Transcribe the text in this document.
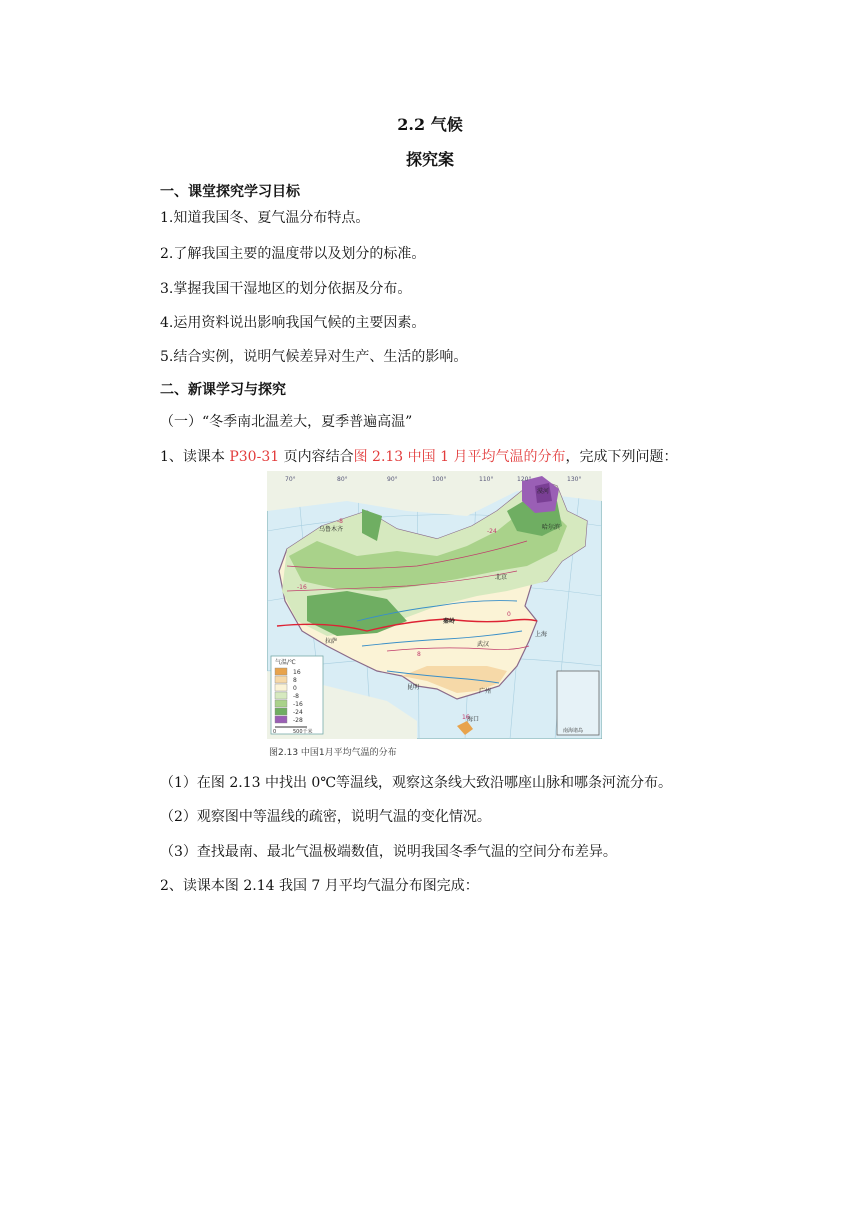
2.2 气候
探究案
一、课堂探究学习目标
1.知道我国冬、夏气温分布特点。
2.了解我国主要的温度带以及划分的标准。
3.掌握我国干湿地区的划分依据及分布。
4.运用资料说出影响我国气候的主要因素。
5.结合实例，说明气候差异对生产、生活的影响。
二、新课学习与探究
（一）“冬季南北温差大，夏季普遍高温”
1、读课本 P30-31 页内容结合图 2.13 中国 1 月平均气温的分布，完成下列问题：
南海诸岛
70°	80°	90°	100°	110°	120°	130°
-8
-16
-24
0
8
16
乌鲁木齐	哈尔滨
漠河
北京
拉萨
上海
武汉
昆明
广州
海口
秦岭
气温/℃
16
8
0
-8
-16
-24
-28
0	500千米
图2.13 中国1月平均气温的分布
（1）在图 2.13 中找出 0℃等温线，观察这条线大致沿哪座山脉和哪条河流分布。
（2）观察图中等温线的疏密，说明气温的变化情况。
（3）查找最南、最北气温极端数值，说明我国冬季气温的空间分布差异。
2、读课本图 2.14 我国 7 月平均气温分布图完成：
